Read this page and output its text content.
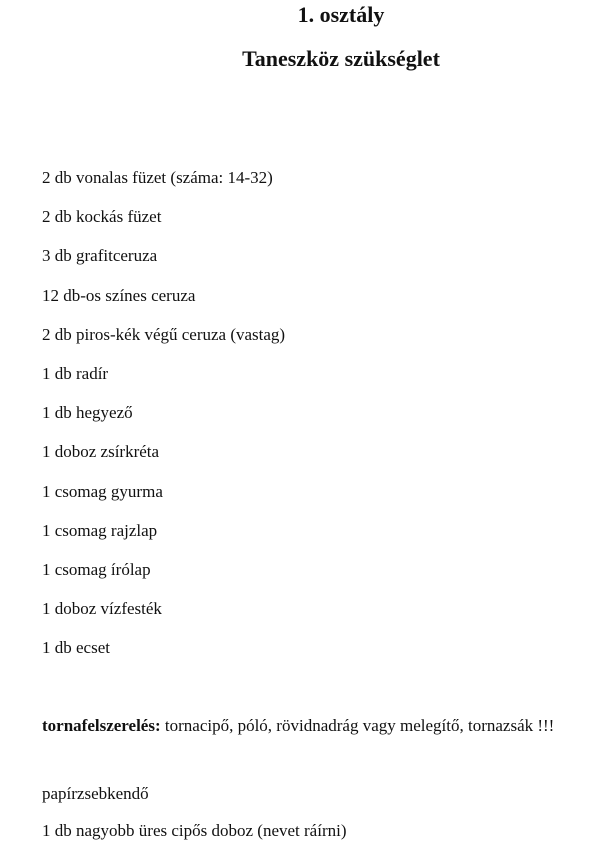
1. osztály
Taneszköz szükséglet
2 db vonalas füzet (száma: 14-32)
2 db kockás füzet
3 db grafitceruza
12 db-os színes ceruza
2 db piros-kék végű ceruza (vastag)
1 db radír
1 db hegyező
1 doboz zsírkréta
1 csomag gyurma
1 csomag rajzlap
1 csomag írólap
1 doboz vízfesték
1 db ecset

tornafelszerelés: tornacipő, póló, rövidnadrág vagy melegítő, tornazsák !!!

papírzsebkendő

1 db nagyobb üres cipős doboz (nevet ráírni)
